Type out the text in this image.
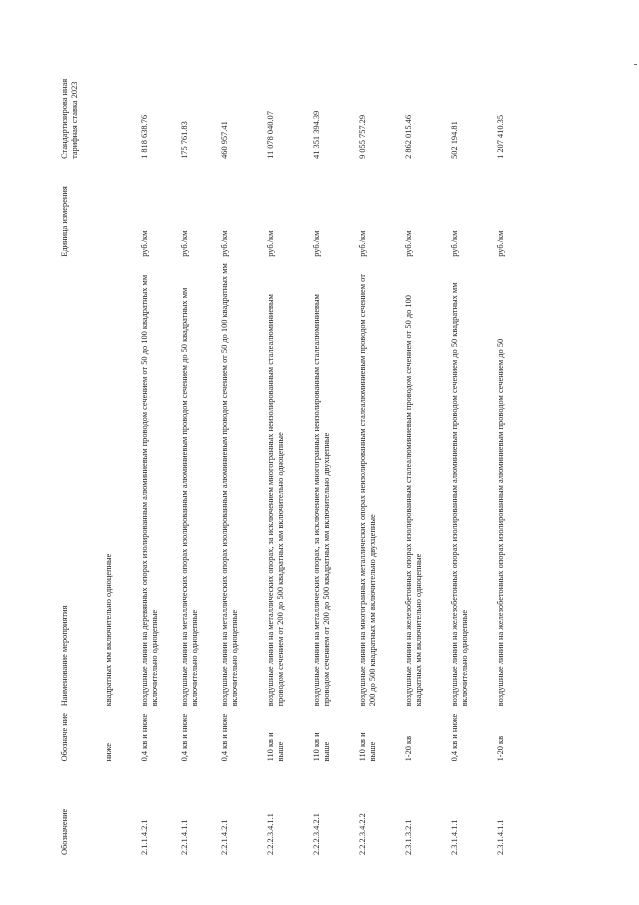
Обозначение	Обозначе ние	Наименование мероприятия	Единица измерения	Стандартизирова нная тарифная ставка 2023
	ниже	квадратных мм включительно одноцепные		
2.1.1.4.2.1	0,4 кв и ниже	воздушные линии на деревянных опорах изолированным алюминиевым проводом сечением от 50 до 100 квадратных мм включительно одноцепные	руб./км	1 818 638.76
2.2.1.4.1.1	0,4 кв и ниже	воздушные линии на металлических опорах изолированным алюминиевым проводом сечением до 50 квадратных мм включительно одноцепные	руб./км	175 761.83
2.2.1.4.2.1	0,4 кв и ниже	воздушные линии на металлических опорах изолированным алюминиевым проводом сечением от 50 до 100 квадратных мм включительно одноцепные	руб./км	460 957.41
2.2.2.3.4.1.1	110 кв и выше	воздушные линии на металлических опорах, за исключением многогранных неизолированным сталеалюминиевым проводом сечением от 200 до 500 квадратных мм включительно одноцепные	руб./км	11 078 040.07
2.2.2.3.4.2.1	110 кв и выше	воздушные линии на металлических опорах, за исключением многогранных неизолированным сталеалюминиевым проводом сечением от 200 до 500 квадратных мм включительно двухцепные	руб./км	41 351 394.39
2.2.2.3.4.2.2	110 кв и выше	воздушные линии на многогранных металлических опорах неизолированным сталеалюминиевым проводом сечением от 200 до 500 квадратных мм включительно двухцепные	руб./км	9 055 757.29
2.3.1.3.2.1	1-20 кв	воздушные линии на железобетонных опорах изолированным сталеалюминиевым проводом сечением от 50 до 100 квадратных мм включительно одноцепные	руб./км	2 862 015.46
2.3.1.4.1.1	0,4 кв и ниже	воздушные линии на железобетонных опорах изолированным алюминиевым проводом сечением до 50 квадратных мм включительно одноцепные	руб./км	502 194.81
2.3.1.4.1.1	1-20 кв	воздушные линии на железобетонных опорах изолированным алюминиевым проводом сечением до 50	руб./км	1 207 410.35
